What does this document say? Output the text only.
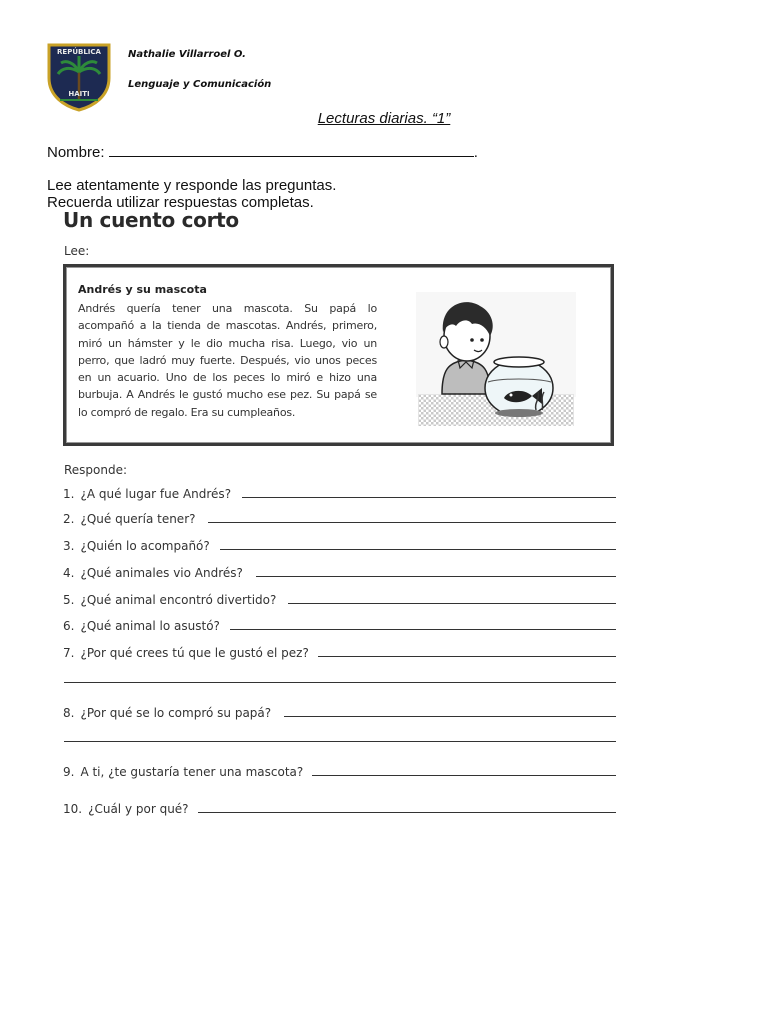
REPÚBLICA
HAITI
Nathalie Villarroel O.
Lenguaje y Comunicación
Lecturas diarias. “1”
Nombre:	.
Lee atentamente y responde las preguntas.
Recuerda utilizar respuestas completas.
Un cuento corto
Lee:
Andrés y su mascota
Andrés quería tener una mascota. Su papá lo acompañó a la tienda de mascotas. Andrés, primero, miró un hámster y le dio mucha risa. Luego, vio un perro, que ladró muy fuerte. Después, vio unos peces en un acuario. Uno de los peces lo miró e hizo una burbuja. A Andrés le gustó mucho ese pez. Su papá se lo compró de regalo. Era su cumpleaños.
Responde:
1. ¿A qué lugar fue Andrés?
2. ¿Qué quería tener?
3. ¿Quién lo acompañó?
4. ¿Qué animales vio Andrés?
5. ¿Qué animal encontró divertido?
6. ¿Qué animal lo asustó?
7. ¿Por qué crees tú que le gustó el pez?
8. ¿Por qué se lo compró su papá?
9. A ti, ¿te gustaría tener una mascota?
10. ¿Cuál y por qué?
